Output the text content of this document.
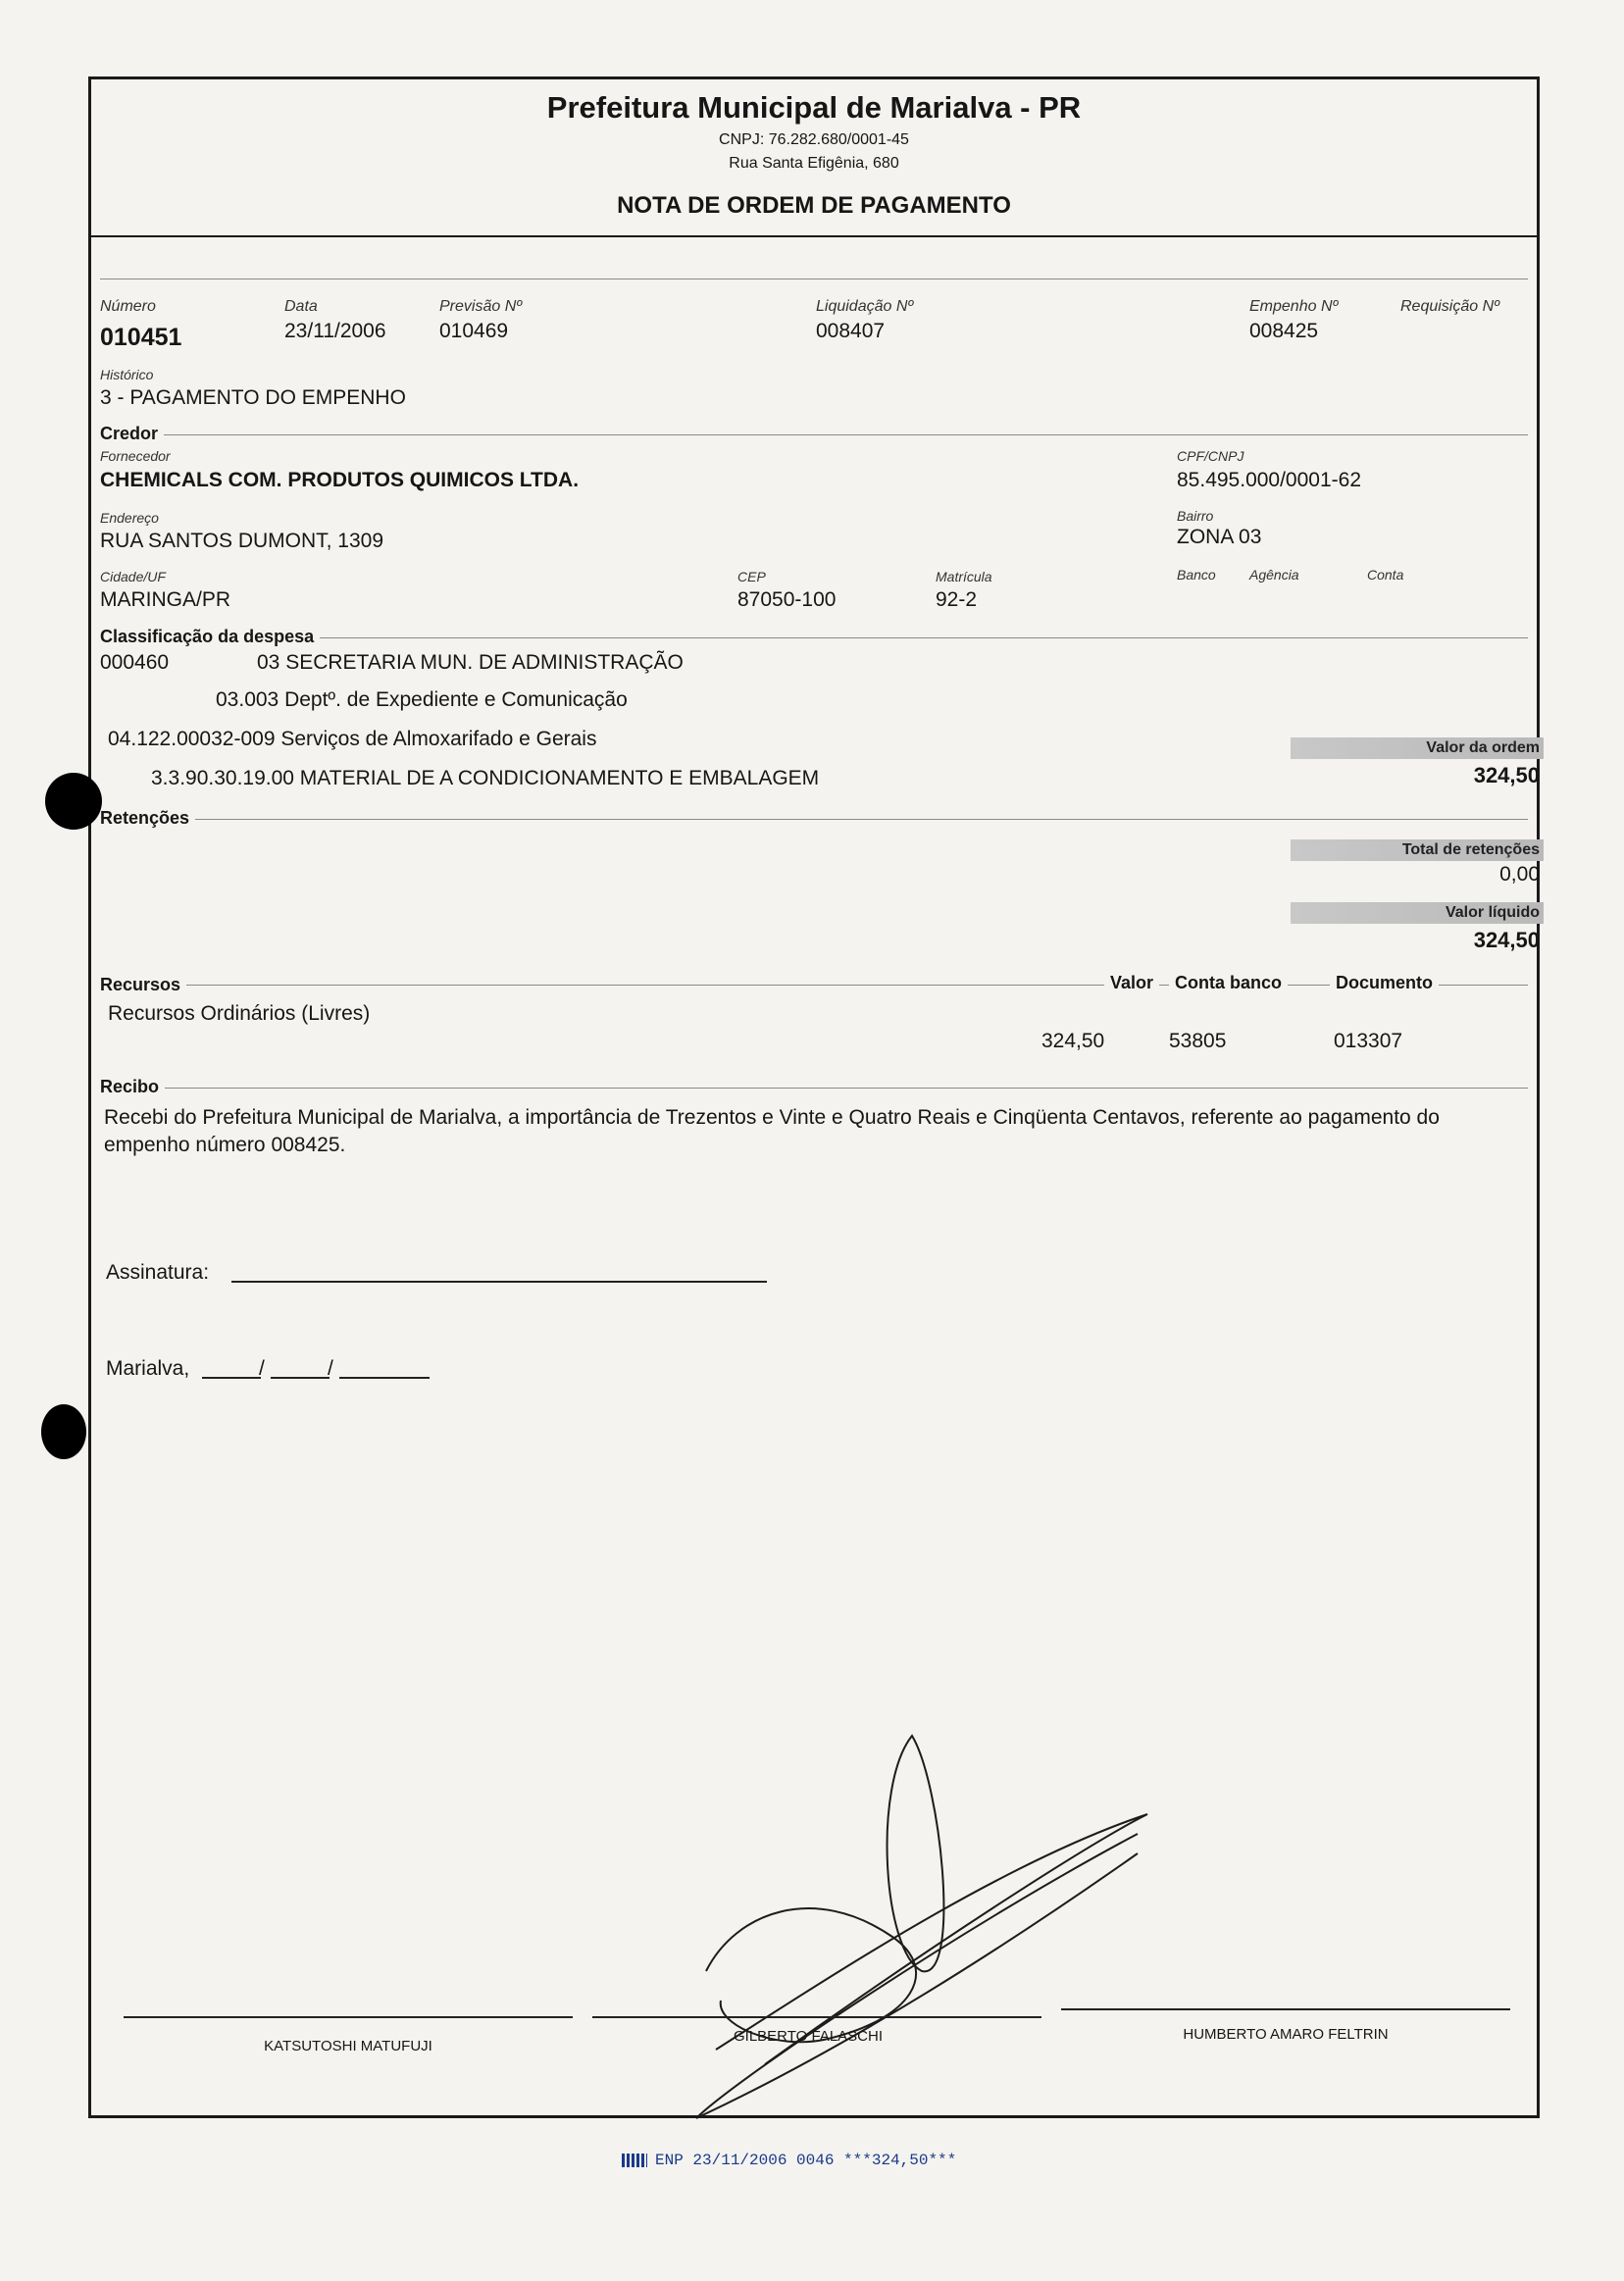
Prefeitura Municipal de Marialva - PR
CNPJ: 76.282.680/0001-45
Rua Santa Efigênia, 680
NOTA DE ORDEM DE PAGAMENTO
Número
010451
Data
23/11/2006
Previsão Nº
010469
Liquidação Nº
008407
Empenho Nº
008425
Requisição Nº
Histórico
3 - PAGAMENTO DO EMPENHO
Credor
Fornecedor
CHEMICALS COM. PRODUTOS QUIMICOS LTDA.
CPF/CNPJ
85.495.000/0001-62
Endereço
RUA SANTOS DUMONT, 1309
Bairro
ZONA 03
Cidade/UF
MARINGA/PR
CEP
87050-100
Matrícula
92-2
Banco Agência	Conta
Classificação da despesa
000460	03 SECRETARIA MUN. DE ADMINISTRAÇÃO
03.003 Deptº. de Expediente e Comunicação
04.122.00032-009 Serviços de Almoxarifado e Gerais
3.3.90.30.19.00 MATERIAL DE A CONDICIONAMENTO E EMBALAGEM
Valor da ordem
324,50
Retenções
Total de retenções
0,00
Valor líquido
324,50
Recursos	Valor	Conta banco	Documento
Recursos Ordinários (Livres)
324,50	53805	013307
Recibo
Recebi do Prefeitura Municipal de Marialva, a importância de Trezentos e Vinte e Quatro Reais e Cinqüenta Centavos, referente ao pagamento do empenho número 008425.
Assinatura:
Marialva,	/	/
KATSUTOSHI MATUFUJI
GILBERTO FALASCHI	HUMBERTO AMARO FELTRIN
ENP 23/11/2006 0046 ***324,50***
